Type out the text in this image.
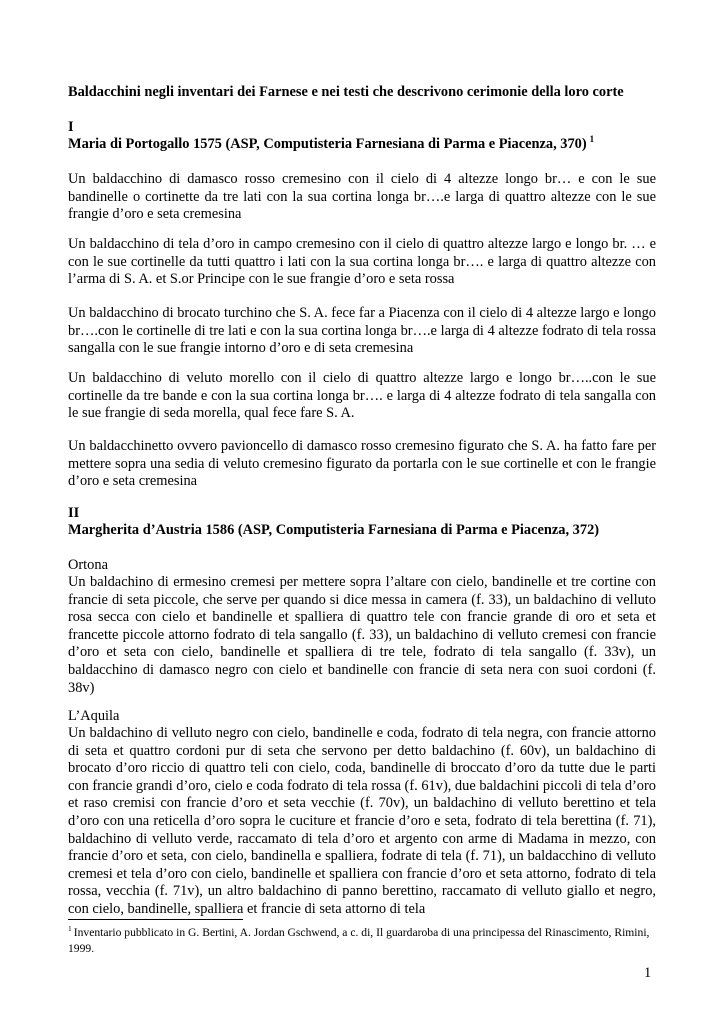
Baldacchini negli inventari dei Farnese e nei testi che descrivono cerimonie della loro corte

I

Maria di Portogallo 1575 (ASP, Computisteria Farnesiana di Parma e Piacenza, 370) $^1$

Un baldacchino di damasco rosso cremesino con il cielo di 4 altezze longo br… e con le sue bandinelle o cortinette da tre lati con la sua cortina longa br….e larga di quattro altezze con le sue frangie d’oro e seta cremesina

Un baldacchino di tela d’oro in campo cremesino con il cielo di quattro altezze largo e longo br. … e con le sue cortinelle da tutti quattro i lati con la sua cortina longa br…. e larga di quattro altezze con l’arma di S. A. et S.or Principe con le sue frangie d’oro e seta rossa

Un baldacchino di brocato turchino che S. A. fece far a Piacenza con il cielo di 4 altezze largo e longo br….con le cortinelle di tre lati e con la sua cortina longa br….e larga di 4 altezze fodrato di tela rossa sangalla con le sue frangie intorno d’oro e di seta cremesina

Un baldacchino di veluto morello con il cielo di quattro altezze largo e longo br…..con le sue cortinelle da tre bande e con la sua cortina longa br…. e larga di 4 altezze fodrato di tela sangalla con le sue frangie di seda morella, qual fece fare S. A.

Un baldacchinetto ovvero pavioncello di damasco rosso cremesino figurato che S. A. ha fatto fare per mettere sopra una sedia di veluto cremesino figurato da portarla con le sue cortinelle et con le frangie d’oro e seta cremesina

II

Margherita d’Austria 1586 (ASP, Computisteria Farnesiana di Parma e Piacenza, 372)

Ortona

Un baldachino di ermesino cremesi per mettere sopra l’altare con cielo, bandinelle et tre cortine con francie di seta piccole, che serve per quando si dice messa in camera (f. 33), un baldachino di velluto rosa secca con cielo et bandinelle et spalliera di quattro tele con francie grande di oro et seta et francette piccole attorno fodrato di tela sangallo (f. 33), un baldachino di velluto cremesi con francie d’oro et seta con cielo, bandinelle et spalliera di tre tele, fodrato di tela sangallo (f. 33v), un baldacchino di damasco negro con cielo et bandinelle con francie di seta nera con suoi cordoni (f. 38v)

L’Aquila

Un baldachino di velluto negro con cielo, bandinelle e coda, fodrato di tela negra, con francie attorno di seta et quattro cordoni pur di seta che servono per detto baldachino (f. 60v), un baldachino di brocato d’oro riccio di quattro teli con cielo, coda, bandinelle di broccato d’oro da tutte due le parti con francie grandi d’oro, cielo e coda fodrato di tela rossa (f. 61v), due baldachini piccoli di tela d’oro et raso cremisi con francie d’oro et seta vecchie (f. 70v), un baldachino di velluto berettino et tela d’oro con una reticella d’oro sopra le cuciture et francie d’oro e seta, fodrato di tela berettina (f. 71), baldachino di velluto verde, raccamato di tela d’oro et argento con arme di Madama in mezzo, con francie d’oro et seta, con cielo, bandinella e spalliera, fodrate di tela (f. 71), un baldacchino di velluto cremesi et tela d’oro con cielo, bandinelle et spalliera con francie d’oro et seta attorno, fodrato di tela rossa, vecchia (f. 71v), un altro baldachino di panno berettino, raccamato di velluto giallo et negro, con cielo, bandinelle, spalliera et francie di seta attorno di tela

$^1$ Inventario pubblicato in G. Bertini, A. Jordan Gschwend, a c. di, Il guardaroba di una principessa del Rinascimento, Rimini, 1999.

1
